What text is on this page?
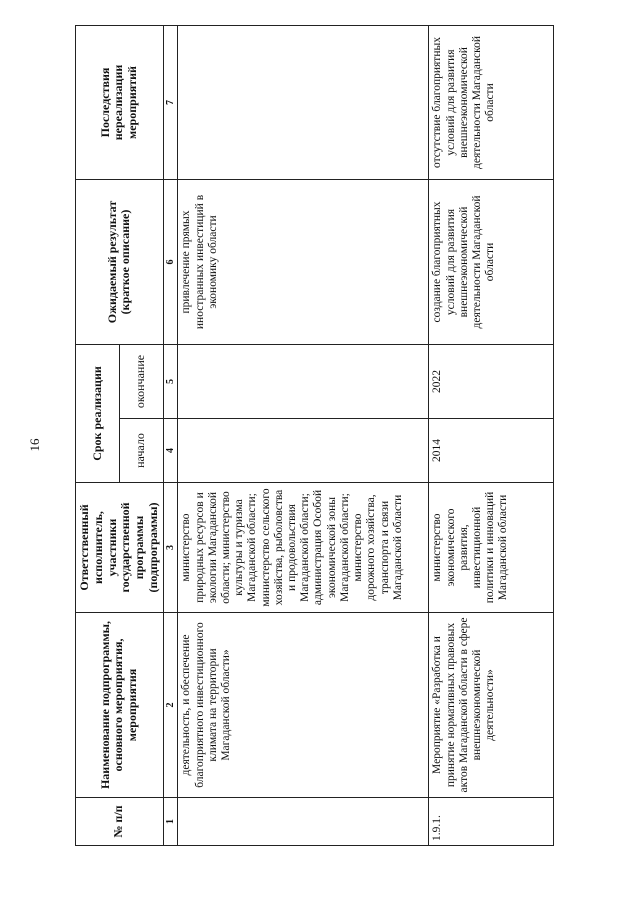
16
№ п/п	Наименование подпрограммы, основного мероприятия, мероприятия	Ответственный исполнитель, участники государственной программы (подпрограммы)	Срок реализации		Ожидаемый результат (краткое описание)	Последствия нереализации мероприятий
			начало	окончание		
1	2	3	4	5	6	7
	деятельность, и обеспечение благоприятного инвестиционного климата на территории Магаданской области»	министерство природных ресурсов и экологии Магаданской области; министерство культуры и туризма Магаданской области; министерство сельского хозяйства, рыболовства и продовольствия Магаданской области; администрация Особой экономической зоны Магаданской области; министерство дорожного хозяйства, транспорта и связи Магаданской области			привлечение прямых иностранных инвестиций в экономику области	
1.9.1.	Мероприятие «Разработка и принятие нормативных правовых актов Магаданской области в сфере внешнеэкономической деятельности»	министерство экономического развития, инвестиционной политики и инноваций Магаданской области	2014	2022	создание благоприятных условий для развития внешнеэкономической деятельности Магаданской области	отсутствие благоприятных условий для развития внешнеэкономической деятельности Магаданской области
